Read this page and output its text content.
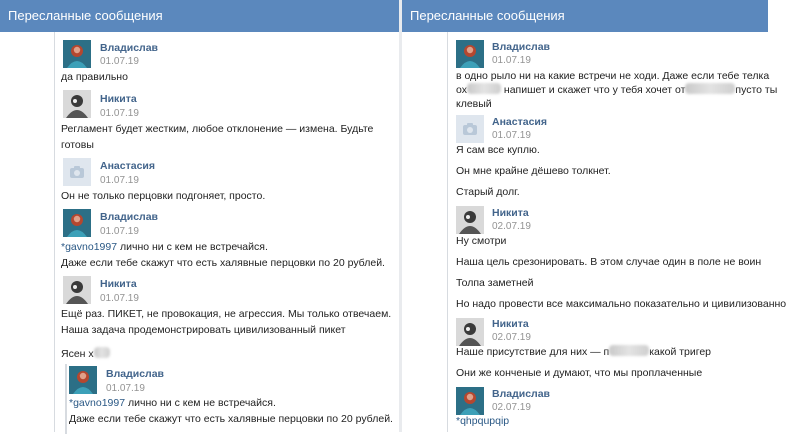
Пересланные сообщения
Владислав
01.07.19
да правильно
Никита
01.07.19
Регламент будет жестким, любое отклонение — измена. Будьте
готовы
Анастасия
01.07.19
Он не только перцовки подгоняет, просто.
Владислав
01.07.19
*gavno1997 лично ни с кем не встречайся.
Даже если тебе скажут что есть халявные перцовки по 20 рублей.
Никита
01.07.19
Ещё раз. ПИКЕТ, не провокация, не агрессия. Мы только отвечаем.
Наша задача продемонстрировать цивилизованный пикет
Ясен х
Владислав
01.07.19
*gavno1997 лично ни с кем не встречайся.
Даже если тебе скажут что есть халявные перцовки по 20 рублей.
Пересланные сообщения
Владислав
01.07.19
в одно рыло ни на какие встречи не ходи. Даже если тебе телка
ох	напишет и скажет что у тебя хочет от	пусто ты
клевый
Анастасия
01.07.19
Я сам все куплю.
Он мне крайне дёшево толкнет.
Старый долг.
Никита
02.07.19
Ну смотри
Наша цель срезонировать. В этом случае один в поле не воин
Толпа заметней
Но надо провести все максимально показательно и цивилизованно
Никита
02.07.19
Наше присутствие для них — п	какой тригер
Они же конченые и думают, что мы проплаченные
Владислав
02.07.19
*qhpqupqip
